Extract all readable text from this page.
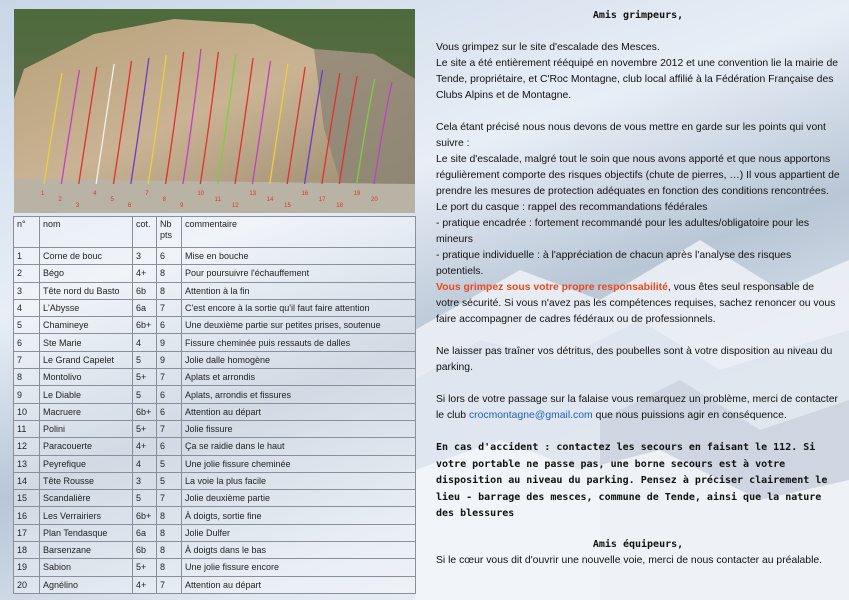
1
2
3
4
5
6
7
8
9
10
11
12
13
14
15
16
17
18
19
20
n°	nom	cot.	Nb pts	commentaire
1	Corne de bouc	3	6	Mise en bouche
2	Bégo	4+	8	Pour poursuivre l'échauffement
3	Tête nord du Basto	6b	8	Attention à la fin
4	L'Abysse	6a	7	C'est encore à la sortie qu'il faut faire attention
5	Chamineye	6b+	6	Une deuxième partie sur petites prises, soutenue
6	Ste Marie	4	9	Fissure cheminée puis ressauts de dalles
7	Le Grand Capelet	5	9	Jolie dalle homogène
8	Montolivo	5+	7	Aplats et arrondis
9	Le Diable	5	6	Aplats, arrondis et fissures
10	Macruere	6b+	6	Attention au départ
11	Polini	5+	7	Jolie fissure
12	Paracouerte	4+	6	Ça se raidie dans le haut
13	Peyrefique	4	5	Une jolie fissure cheminée
14	Tête Rousse	3	5	La voie la plus facile
15	Scandalière	5	7	Jolie deuxième partie
16	Les Verrairiers	6b+	8	À doigts, sortie fine
17	Plan Tendasque	6a	8	Jolie Dulfer
18	Barsenzane	6b	8	À doigts dans le bas
19	Sabion	5+	8	Une jolie fissure encore
20	Agnélino	4+	7	Attention au départ

Amis grimpeurs,

Vous grimpez sur le site d'escalade des Mesces.

Le site a été entièrement rééquipé en novembre 2012 et une convention lie la mairie de Tende, propriétaire, et C'Roc Montagne, club local affilié à la Fédération Française des Clubs Alpins et de Montagne.

Cela étant précisé nous nous devons de vous mettre en garde sur les points qui vont suivre :

Le site d'escalade, malgré tout le soin que nous avons apporté et que nous apportons régulièrement comporte des risques objectifs (chute de pierres, …) Il vous appartient de prendre les mesures de protection adéquates en fonction des conditions rencontrées.

Le port du casque : rappel des recommandations fédérales

- pratique encadrée : fortement recommandé pour les adultes/obligatoire pour les mineurs

- pratique individuelle : à l'appréciation de chacun après l'analyse des risques potentiels.

Vous grimpez sous votre propre responsabilité, vous êtes seul responsable de votre sécurité. Si vous n'avez pas les compétences requises, sachez renoncer ou vous faire accompagner de cadres fédéraux ou de professionnels.

Ne laisser pas traîner vos détritus, des poubelles sont à votre disposition au niveau du parking.

Si lors de votre passage sur la falaise vous remarquez un problème, merci de contacter le club crocmontagne@gmail.com que nous puissions agir en conséquence.

En cas d'accident : contactez les secours en faisant le 112. Si votre portable ne passe pas, une borne secours est à votre disposition au niveau du parking. Pensez à préciser clairement le lieu - barrage des mesces, commune de Tende, ainsi que la nature des blessures

Amis équipeurs,

Si le cœur vous dit d'ouvrir une nouvelle voie, merci de nous contacter au préalable.
